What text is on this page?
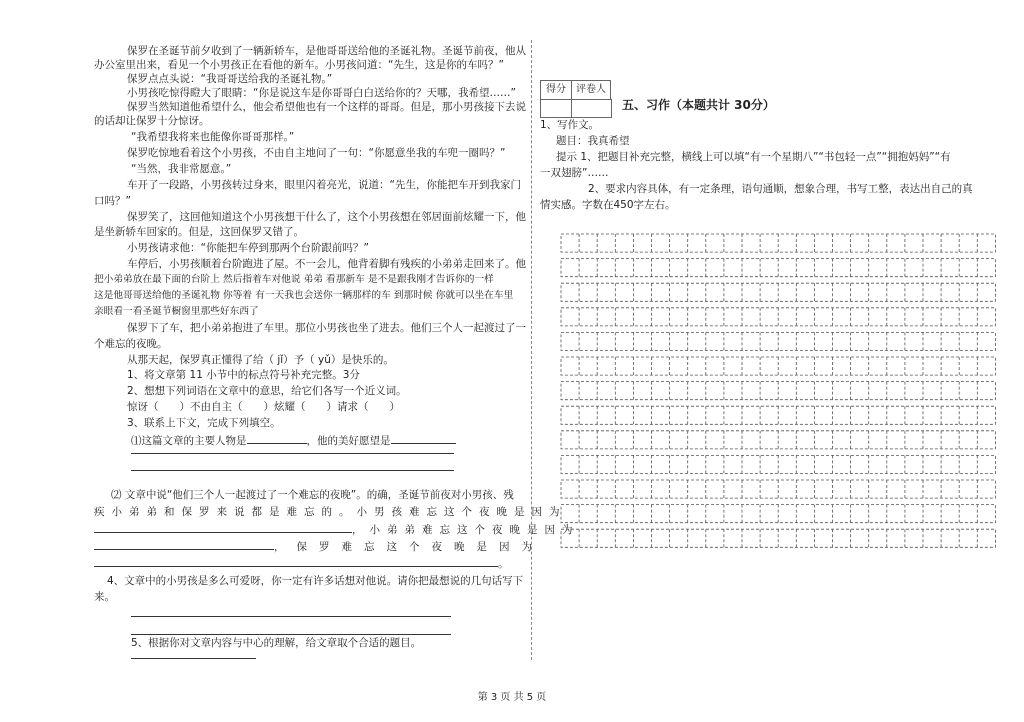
保罗在圣诞节前夕收到了一辆新轿车，是他哥哥送给他的圣诞礼物。圣诞节前夜，他从
办公室里出来，看见一个小男孩正在看他的新车。小男孩问道：“先生，这是你的车吗？”
保罗点点头说：“我哥哥送给我的圣诞礼物。”
小男孩吃惊得瞪大了眼睛：“你是说这车是你哥哥白白送给你的？天哪，我希望……”
保罗当然知道他希望什么，他会希望他也有一个这样的哥哥。但是，那小男孩接下去说
的话却让保罗十分惊讶。
“我希望我将来也能像你哥哥那样。”
保罗吃惊地看着这个小男孩，不由自主地问了一句：“你愿意坐我的车兜一圈吗？”
“当然，我非常愿意。”
车开了一段路，小男孩转过身来，眼里闪着亮光，说道：“先生，你能把车开到我家门
口吗？”
保罗笑了，这回他知道这个小男孩想干什么了，这个小男孩想在邻居面前炫耀一下，他
是坐新轿车回家的。但是，这回保罗又错了。
小男孩请求他：“你能把车停到那两个台阶跟前吗？”
车停后，小男孩顺着台阶跑进了屋。不一会儿，他背着脚有残疾的小弟弟走回来了。他
把小弟弟放在最下面的台阶上 然后指着车对他说 弟弟 看那新车 是不是跟我刚才告诉你的一样
这是他哥哥送给他的圣诞礼物 你等着 有一天我也会送你一辆那样的车 到那时候 你就可以坐在车里
亲眼看一看圣诞节橱窗里那些好东西了
保罗下了车，把小弟弟抱进了车里。那位小男孩也坐了进去。他们三个人一起渡过了一
个难忘的夜晚。
从那天起，保罗真正懂得了给（ jǐ）予（ yǔ）是快乐的。
1、将文章第 11 小节中的标点符号补充完整。3分
2、想想下列词语在文章中的意思，给它们各写一个近义词。
惊讶（　　）不由自主（　　）炫耀（　　）请求（　　）
3、联系上下文，完成下列填空。
⑴这篇文章的主要人物是	，他的美好愿望是
⑵ 文章中说“他们三个人一起渡过了一个难忘的夜晚”。的确，圣诞节前夜对小男孩、残
疾小弟弟和保罗来说都是难忘的。小男孩难忘这个夜晚是因为
，小弟弟难忘这个夜晚是因为
，保罗难忘这个夜晚是因为
。
4、文章中的小男孩是多么可爱呀，你一定有许多话想对他说。请你把最想说的几句话写下
来。
5、根据你对文章内容与中心的理解，给文章取个合适的题目。
得分	评卷人
五、习作（本题共计 30分）
1、写作文。
题目：我真希望
提示 1、把题目补充完整，横线上可以填“有一个星期八”“书包轻一点”“拥抱妈妈”“有
一双翅膀”……
2、要求内容具体，有一定条理，语句通顺，想象合理，书写工整，表达出自己的真
情实感。字数在450字左右。
第 3 页 共 5 页
